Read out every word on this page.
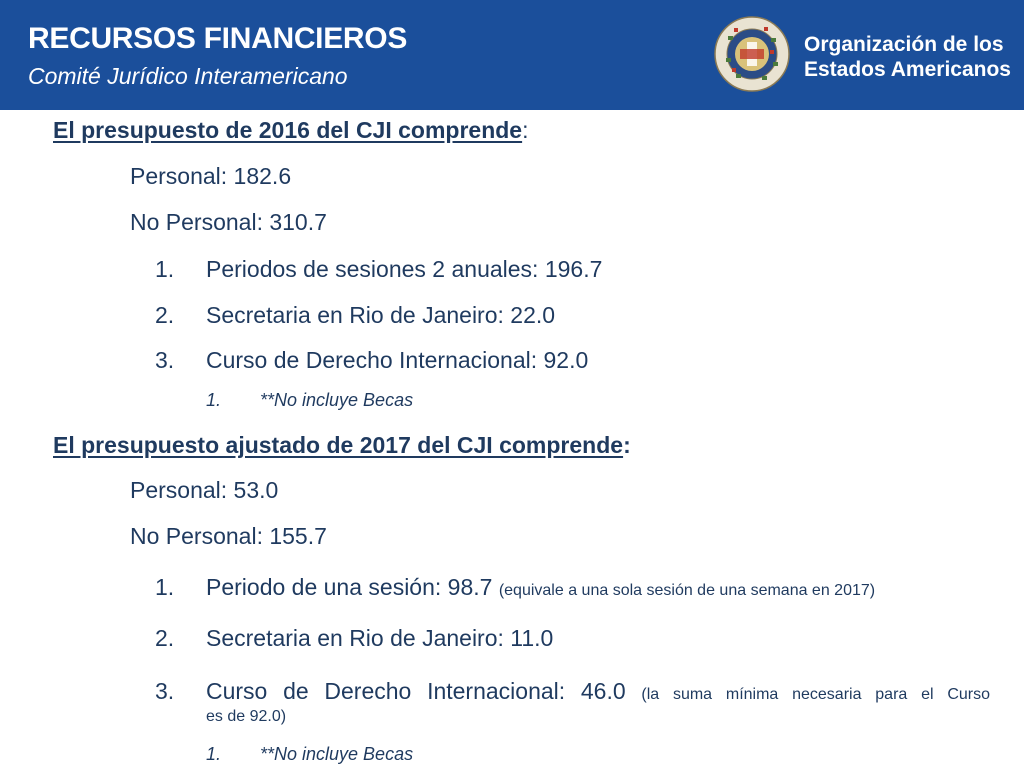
RECURSOS FINANCIEROS
Comité Jurídico Interamericano
Organización de los
Estados Americanos
El presupuesto de 2016 del CJI comprende:
Personal: 182.6
No Personal: 310.7
1. Periodos de sesiones 2 anuales: 196.7
2. Secretaria en Rio de Janeiro: 22.0
3. Curso de Derecho Internacional: 92.0
1. **No incluye Becas
El presupuesto ajustado de 2017 del CJI comprende:
Personal: 53.0
No Personal: 155.7
1. Periodo de una sesión: 98.7 (equivale a una sola sesión de una semana en 2017)
2. Secretaria en Rio de Janeiro: 11.0
3. Curso de Derecho Internacional: 46.0 (la suma mínima necesaria para el Curso
es de 92.0)
1. **No incluye Becas
